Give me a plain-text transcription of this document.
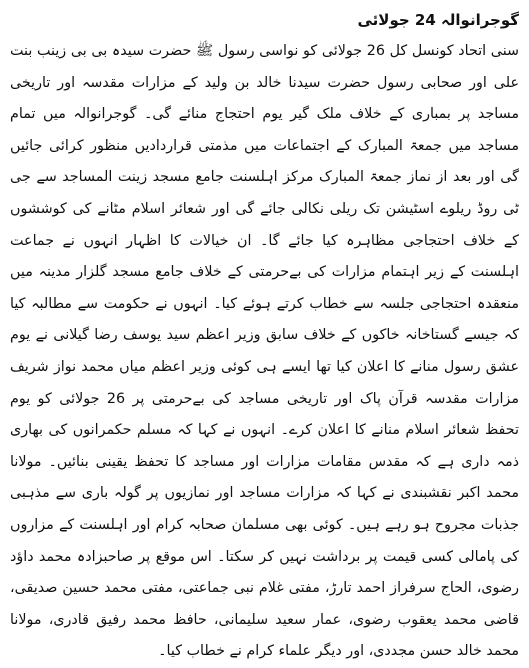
گوجرانوالہ 24 جولائی

سنی اتحاد کونسل کل 26 جولائی کو نواسی رسول ﷺ حضرت سیدہ بی بی زینب بنت علی اور صحابی رسول حضرت سیدنا خالد بن ولید کے مزارات مقدسہ اور تاریخی مساجد پر بمباری کے خلاف ملک گیر یوم احتجاج منائے گی۔ گوجرانوالہ میں تمام مساجد میں جمعۃ المبارک کے اجتماعات میں مذمتی قراردادیں منظور کرائی جائیں گی اور بعد از نماز جمعۃ المبارک مرکز اہلسنت جامع مسجد زینت المساجد سے جی ٹی روڈ ریلوے اسٹیشن تک ریلی نکالی جائے گی اور شعائر اسلام مٹانے کی کوششوں کے خلاف احتجاجی مظاہرہ کیا جائے گا۔ ان خیالات کا اظہار انہوں نے جماعت اہلسنت کے زیر اہتمام مزارات کی بےحرمتی کے خلاف جامع مسجد گلزار مدینہ میں منعقدہ احتجاجی جلسہ سے خطاب کرتے ہوئے کیا۔ انہوں نے حکومت سے مطالبہ کیا کہ جیسے گستاخانہ خاکوں کے خلاف سابق وزیر اعظم سید یوسف رضا گیلانی نے یوم عشق رسول منانے کا اعلان کیا تھا ایسے ہی کوئی وزیر اعظم میاں محمد نواز شریف مزارات مقدسہ قرآن پاک اور تاریخی مساجد کی بےحرمتی پر 26 جولائی کو یوم تحفظ شعائر اسلام منانے کا اعلان کرے۔ انہوں نے کہا کہ مسلم حکمرانوں کی بھاری ذمہ داری ہے کہ مقدس مقامات مزارات اور مساجد کا تحفظ یقینی بنائیں۔ مولانا محمد اکبر نقشبندی نے کہا کہ مزارات مساجد اور نمازیوں پر گولہ باری سے مذہبی جذبات مجروح ہو رہے ہیں۔ کوئی بھی مسلمان صحابہ کرام اور اہلسنت کے مزاروں کی پامالی کسی قیمت پر برداشت نہیں کر سکتا۔ اس موقع پر صاحبزادہ محمد داؤد رضوی، الحاج سرفراز احمد تارڑ، مفتی غلام نبی جماعتی، مفتی محمد حسین صدیقی، قاضی محمد یعقوب رضوی، عمار سعید سلیمانی، حافظ محمد رفیق قادری، مولانا محمد خالد حسن مجددی، اور دیگر علماء کرام نے خطاب کیا۔
